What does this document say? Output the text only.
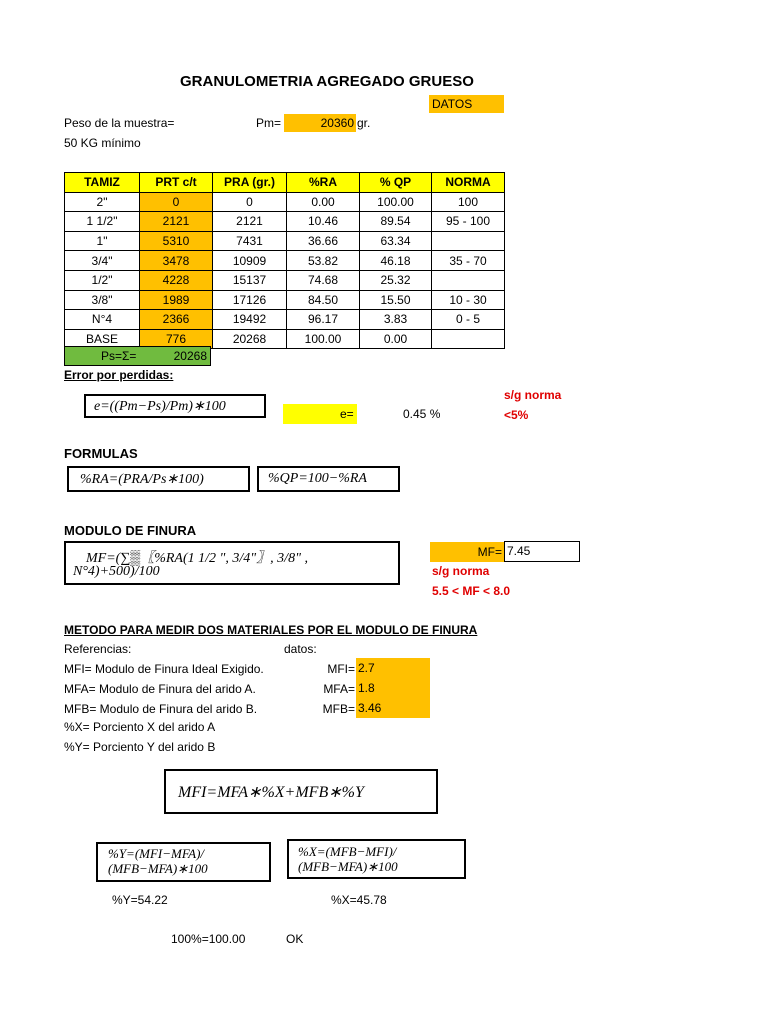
GRANULOMETRIA AGREGADO GRUESO
DATOS
Peso de la muestra=	Pm=	20360 gr.
50 KG mínimo
TAMIZ	PRT c/t	PRA (gr.)	%RA	% QP	NORMA
2"	0	0	0.00	100.00	100
1 1/2"	2121	2121	10.46	89.54	95 - 100
1"	5310	7431	36.66	63.34	
3/4"	3478	10909	53.82	46.18	35 - 70
1/2"	4228	15137	74.68	25.32	
3/8"	1989	17126	84.50	15.50	10 - 30
N°4	2366	19492	96.17	3.83	0 - 5
BASE	776	20268	100.00	0.00	
Ps=Σ=	20268
Error por perdidas:
e=((Pm−Ps)/Pm)∗100	e=	0.45 %
s/g norma
<5%
FORMULAS
%RA=(PRA/Ps∗100)	%QP=100−%RA
MODULO DE FINURA
MF=(∑▒〖%RA(1 1/2 ", 3/4"〗, 3/8" ,
N°4)+500)/100
MF= 7.45
s/g norma
5.5 < MF < 8.0
METODO PARA MEDIR DOS MATERIALES POR EL MODULO DE FINURA
Referencias:	datos:
MFI= Modulo de Finura Ideal Exigido.
MFA= Modulo de Finura del arido A.
MFB= Modulo de Finura del arido B.
%X= Porciento X del arido A
%Y= Porciento Y del arido B
MFI= 2.7
MFA= 1.8
MFB= 3.46
MFI=MFA∗%X+MFB∗%Y
%Y=(MFI−MFA)/
(MFB−MFA)∗100
%X=(MFB−MFI)/
(MFB−MFA)∗100
%Y=54.22	%X=45.78
100%=100.00	OK
